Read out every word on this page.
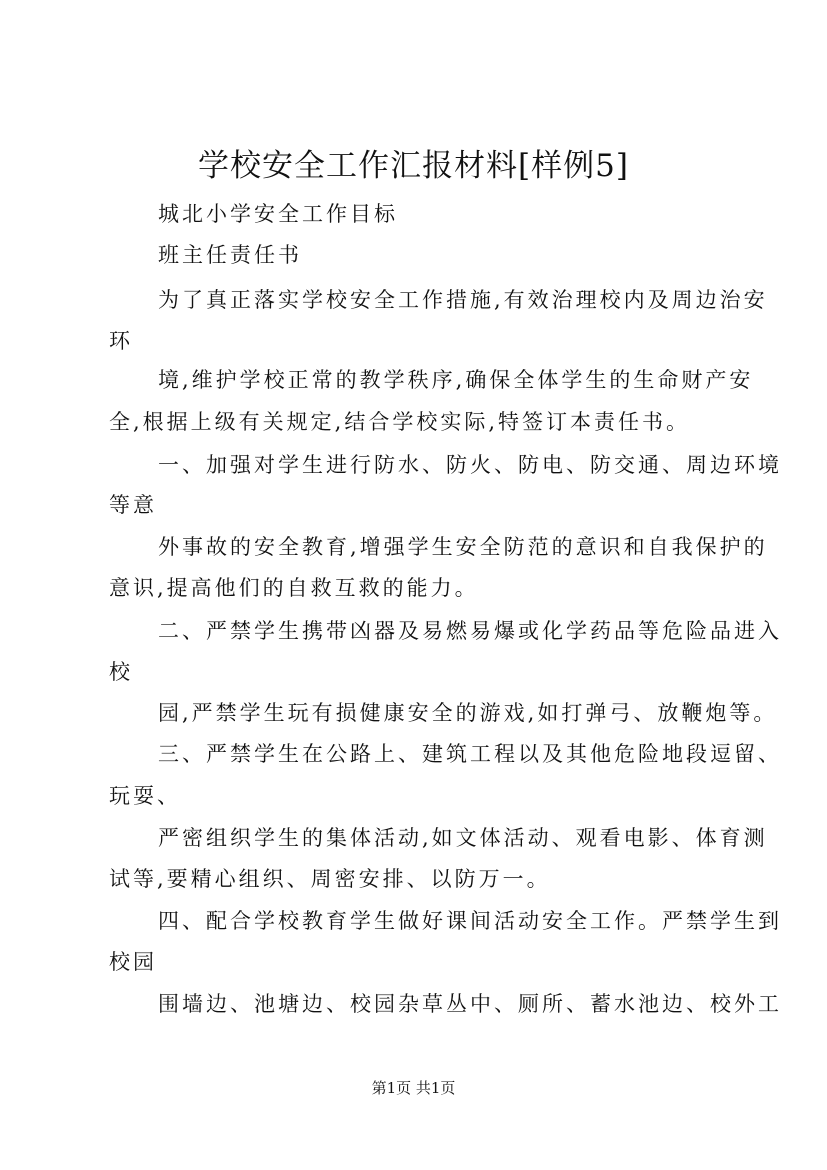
学校安全工作汇报材料[样例5]
城北小学安全工作目标
班主任责任书
为了真正落实学校安全工作措施,有效治理校内及周边治安
环
境,维护学校正常的教学秩序,确保全体学生的生命财产安
全,根据上级有关规定,结合学校实际,特签订本责任书。
一、加强对学生进行防水、防火、防电、防交通、周边环境
等意
外事故的安全教育,增强学生安全防范的意识和自我保护的
意识,提高他们的自救互救的能力。
二、严禁学生携带凶器及易燃易爆或化学药品等危险品进入
校
园,严禁学生玩有损健康安全的游戏,如打弹弓、放鞭炮等。
三、严禁学生在公路上、建筑工程以及其他危险地段逗留、
玩耍、
严密组织学生的集体活动,如文体活动、观看电影、体育测
试等,要精心组织、周密安排、以防万一。
四、配合学校教育学生做好课间活动安全工作。严禁学生到
校园
围墙边、池塘边、校园杂草丛中、厕所、蓄水池边、校外工
第1页 共1页
